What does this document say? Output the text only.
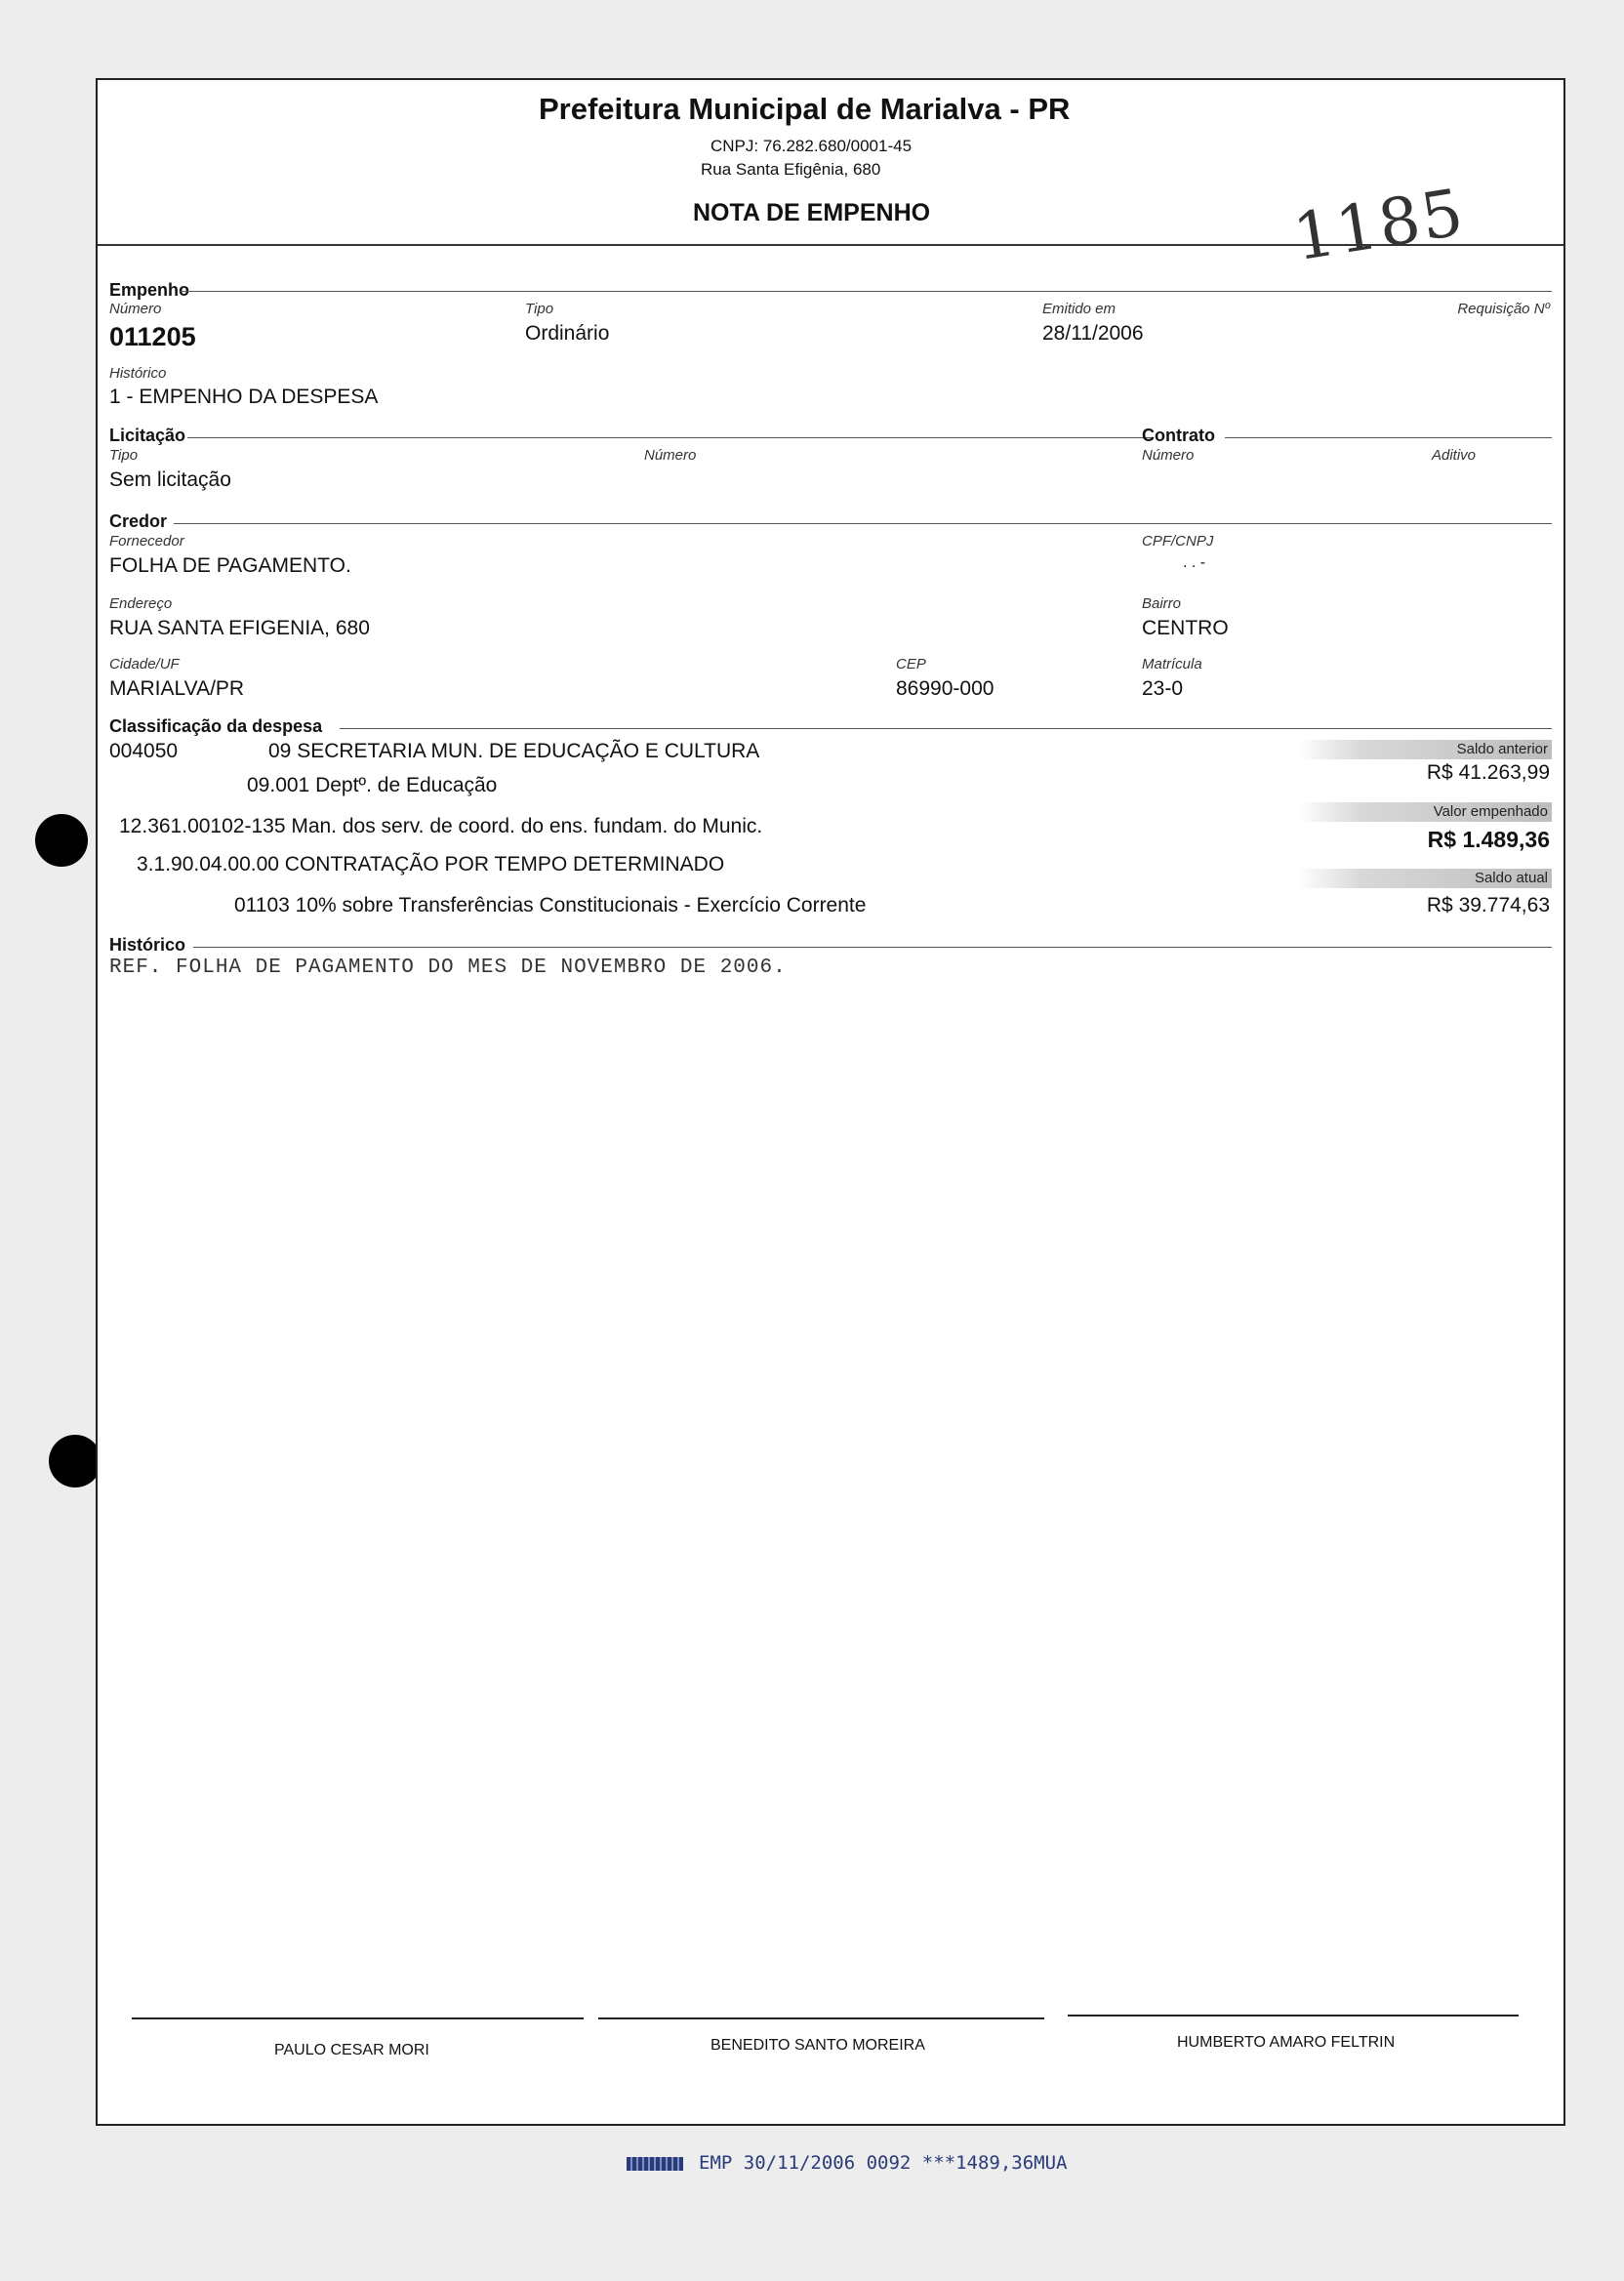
Prefeitura Municipal de Marialva - PR
CNPJ: 76.282.680/0001-45
Rua Santa Efigênia, 680
NOTA DE EMPENHO	1185
Empenho
Número
011205
Tipo
Ordinário
Emitido em
28/11/2006
Requisição Nº
Histórico
1 - EMPENHO DA DESPESA
Licitação	Contrato
Tipo
Sem licitação
Número	Número	Aditivo
Credor
Fornecedor
FOLHA DE PAGAMENTO.
CPF/CNPJ
. . -
Endereço
RUA SANTA EFIGENIA, 680
Bairro
CENTRO
Cidade/UF
MARIALVA/PR
CEP
86990-000
Matrícula
23-0
Classificação da despesa
004050	09 SECRETARIA MUN. DE EDUCAÇÃO E CULTURA
09.001 Deptº. de Educação
12.361.00102-135 Man. dos serv. de coord. do ens. fundam. do Munic.
3.1.90.04.00.00 CONTRATAÇÃO POR TEMPO DETERMINADO
01103 10% sobre Transferências Constitucionais - Exercício Corrente
Saldo anterior
R$ 41.263,99
Valor empenhado
R$ 1.489,36
Saldo atual
R$ 39.774,63
Histórico
REF. FOLHA DE PAGAMENTO DO MES DE NOVEMBRO DE 2006.
PAULO CESAR MORI	BENEDITO SANTO MOREIRA	HUMBERTO AMARO FELTRIN
EMP 30/11/2006 0092 ***1489,36MUA
